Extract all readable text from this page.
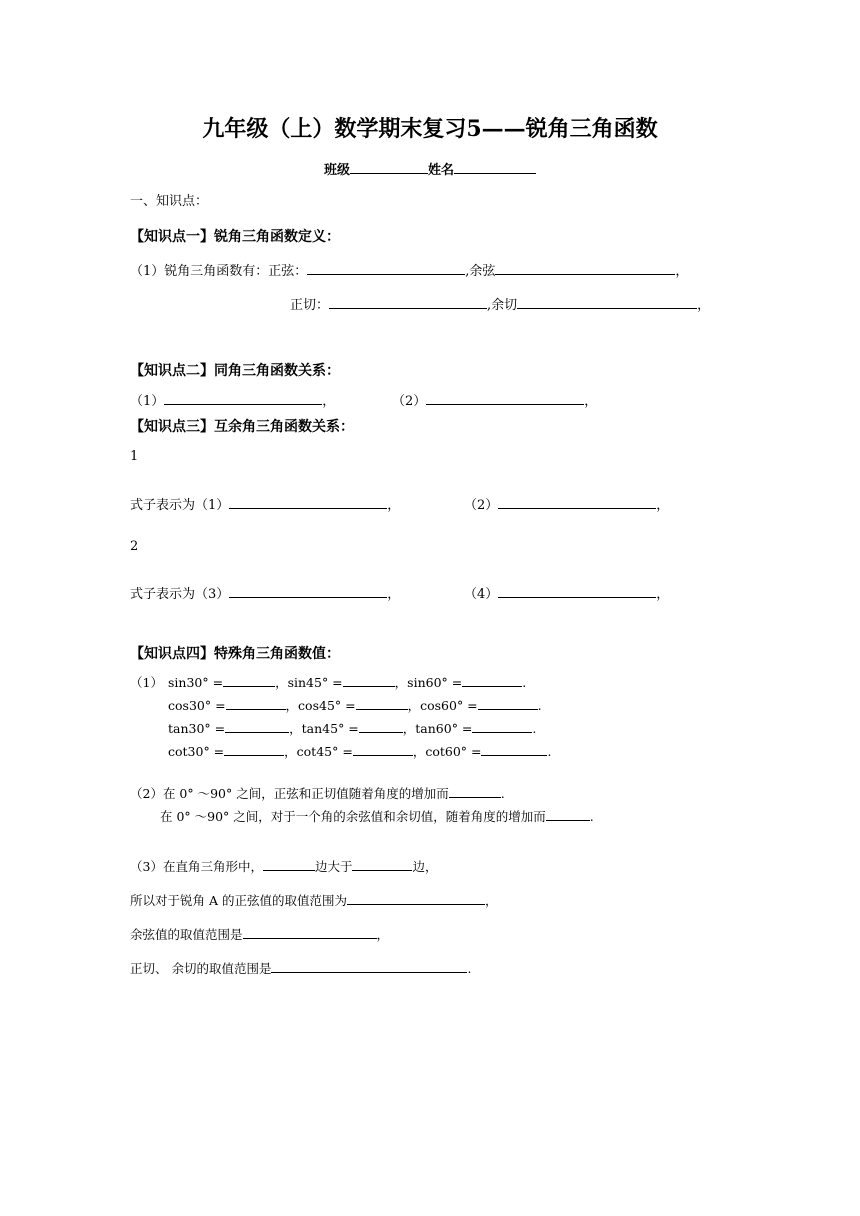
九年级（上）数学期末复习5——锐角三角函数
班级	姓名
一、知识点：
【知识点一】锐角三角函数定义：
（1）锐角三角函数有：正弦：	,余弦	，
正切：	,余切	，
【知识点二】同角三角函数关系：
（1）	，	（2）	，
【知识点三】互余角三角函数关系：
1
式子表示为（1）	，	（2）	，
2
式子表示为（3）	，	（4）	，
【知识点四】特殊角三角函数值：
（1） sin30° =	，sin45° =	，sin60° =	.
cos30° =	，cos45° =	，cos60° =	.
tan30° =	，tan45° =	，tan60° =	.
cot30° =	，cot45° =	，cot60° =	.
（2）在 0° ～90° 之间，正弦和正切值随着角度的增加而	.
在 0° ～90° 之间，对于一个角的余弦值和余切值，随着角度的增加而	.
（3）在直角三角形中，	边大于	边，
所以对于锐角 A 的正弦值的取值范围为	，
余弦值的取值范围是	，
正切、 余切的取值范围是	.
